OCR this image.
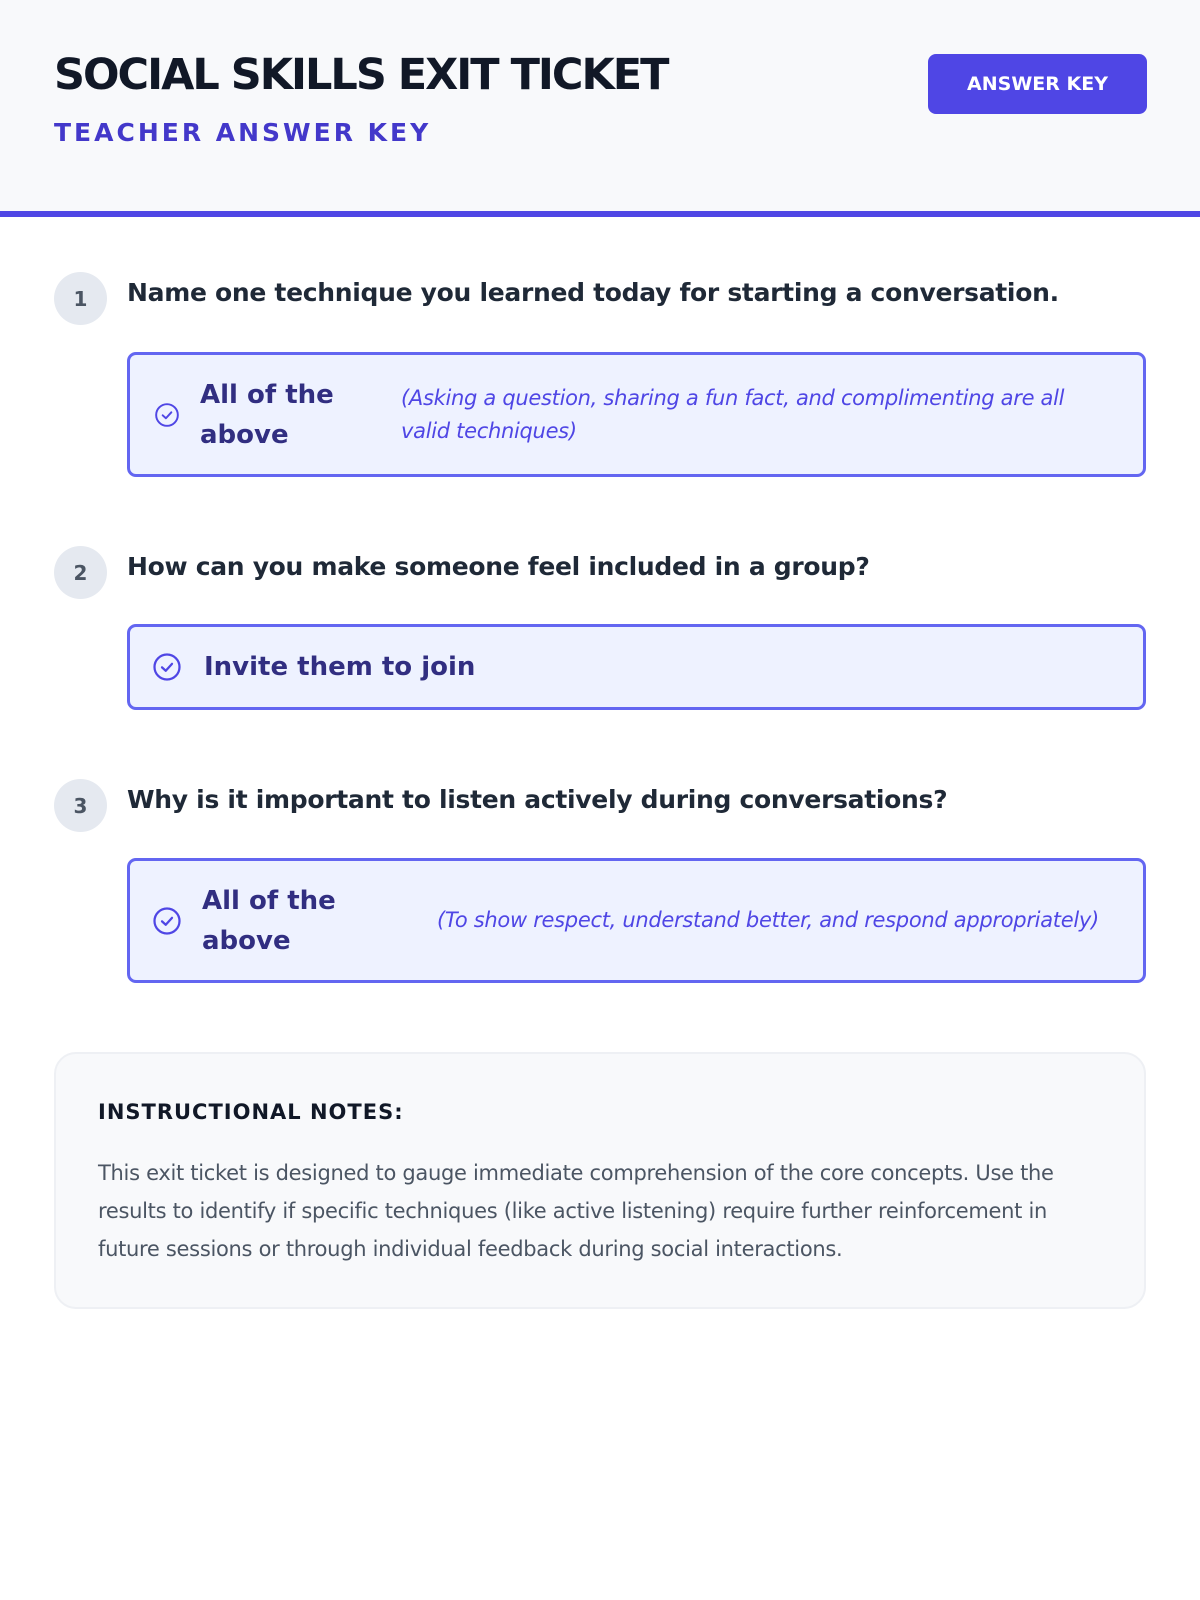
SOCIAL SKILLS EXIT TICKET
TEACHER ANSWER KEY
ANSWER KEY
1	Name one technique you learned today for starting a conversation.
All of the above
(Asking a question, sharing a fun fact, and complimenting are all valid techniques)
2	How can you make someone feel included in a group?
Invite them to join
3	Why is it important to listen actively during conversations?
All of the above
(To show respect, understand better, and respond appropriately)
INSTRUCTIONAL NOTES:
This exit ticket is designed to gauge immediate comprehension of the core concepts. Use the results to identify if specific techniques (like active listening) require further reinforcement in future sessions or through individual feedback during social interactions.
